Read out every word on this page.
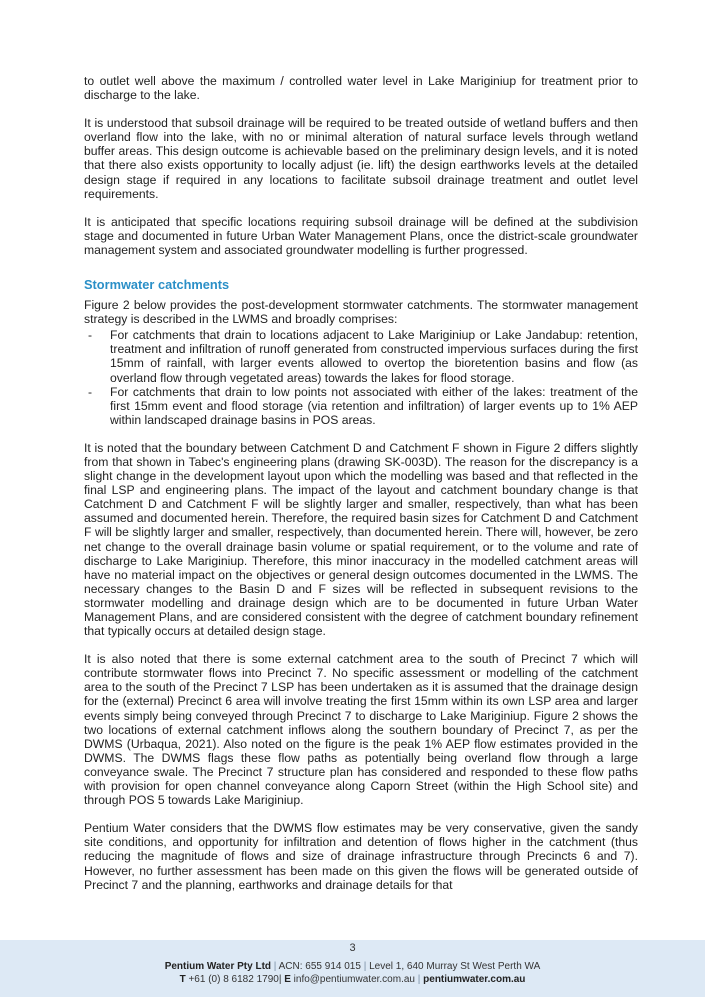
to outlet well above the maximum / controlled water level in Lake Mariginiup for treatment prior to discharge to the lake.

It is understood that subsoil drainage will be required to be treated outside of wetland buffers and then overland flow into the lake, with no or minimal alteration of natural surface levels through wetland buffer areas. This design outcome is achievable based on the preliminary design levels, and it is noted that there also exists opportunity to locally adjust (ie. lift) the design earthworks levels at the detailed design stage if required in any locations to facilitate subsoil drainage treatment and outlet level requirements.

It is anticipated that specific locations requiring subsoil drainage will be defined at the subdivision stage and documented in future Urban Water Management Plans, once the district-scale groundwater management system and associated groundwater modelling is further progressed.

Stormwater catchments

Figure 2 below provides the post-development stormwater catchments. The stormwater management strategy is described in the LWMS and broadly comprises:

- For catchments that drain to locations adjacent to Lake Mariginiup or Lake Jandabup: retention, treatment and infiltration of runoff generated from constructed impervious surfaces during the first 15mm of rainfall, with larger events allowed to overtop the bioretention basins and flow (as overland flow through vegetated areas) towards the lakes for flood storage.
- For catchments that drain to low points not associated with either of the lakes: treatment of the first 15mm event and flood storage (via retention and infiltration) of larger events up to 1% AEP within landscaped drainage basins in POS areas.

It is noted that the boundary between Catchment D and Catchment F shown in Figure 2 differs slightly from that shown in Tabec's engineering plans (drawing SK-003D). The reason for the discrepancy is a slight change in the development layout upon which the modelling was based and that reflected in the final LSP and engineering plans. The impact of the layout and catchment boundary change is that Catchment D and Catchment F will be slightly larger and smaller, respectively, than what has been assumed and documented herein. Therefore, the required basin sizes for Catchment D and Catchment F will be slightly larger and smaller, respectively, than documented herein. There will, however, be zero net change to the overall drainage basin volume or spatial requirement, or to the volume and rate of discharge to Lake Mariginiup. Therefore, this minor inaccuracy in the modelled catchment areas will have no material impact on the objectives or general design outcomes documented in the LWMS. The necessary changes to the Basin D and F sizes will be reflected in subsequent revisions to the stormwater modelling and drainage design which are to be documented in future Urban Water Management Plans, and are considered consistent with the degree of catchment boundary refinement that typically occurs at detailed design stage.

It is also noted that there is some external catchment area to the south of Precinct 7 which will contribute stormwater flows into Precinct 7. No specific assessment or modelling of the catchment area to the south of the Precinct 7 LSP has been undertaken as it is assumed that the drainage design for the (external) Precinct 6 area will involve treating the first 15mm within its own LSP area and larger events simply being conveyed through Precinct 7 to discharge to Lake Mariginiup. Figure 2 shows the two locations of external catchment inflows along the southern boundary of Precinct 7, as per the DWMS (Urbaqua, 2021). Also noted on the figure is the peak 1% AEP flow estimates provided in the DWMS. The DWMS flags these flow paths as potentially being overland flow through a large conveyance swale. The Precinct 7 structure plan has considered and responded to these flow paths with provision for open channel conveyance along Caporn Street (within the High School site) and through POS 5 towards Lake Mariginiup.

Pentium Water considers that the DWMS flow estimates may be very conservative, given the sandy site conditions, and opportunity for infiltration and detention of flows higher in the catchment (thus reducing the magnitude of flows and size of drainage infrastructure through Precincts 6 and 7). However, no further assessment has been made on this given the flows will be generated outside of Precinct 7 and the planning, earthworks and drainage details for that

3
Pentium Water Pty Ltd | ACN: 655 914 015 | Level 1, 640 Murray St West Perth WA
T +61 (0) 8 6182 1790| E info@pentiumwater.com.au | pentiumwater.com.au
